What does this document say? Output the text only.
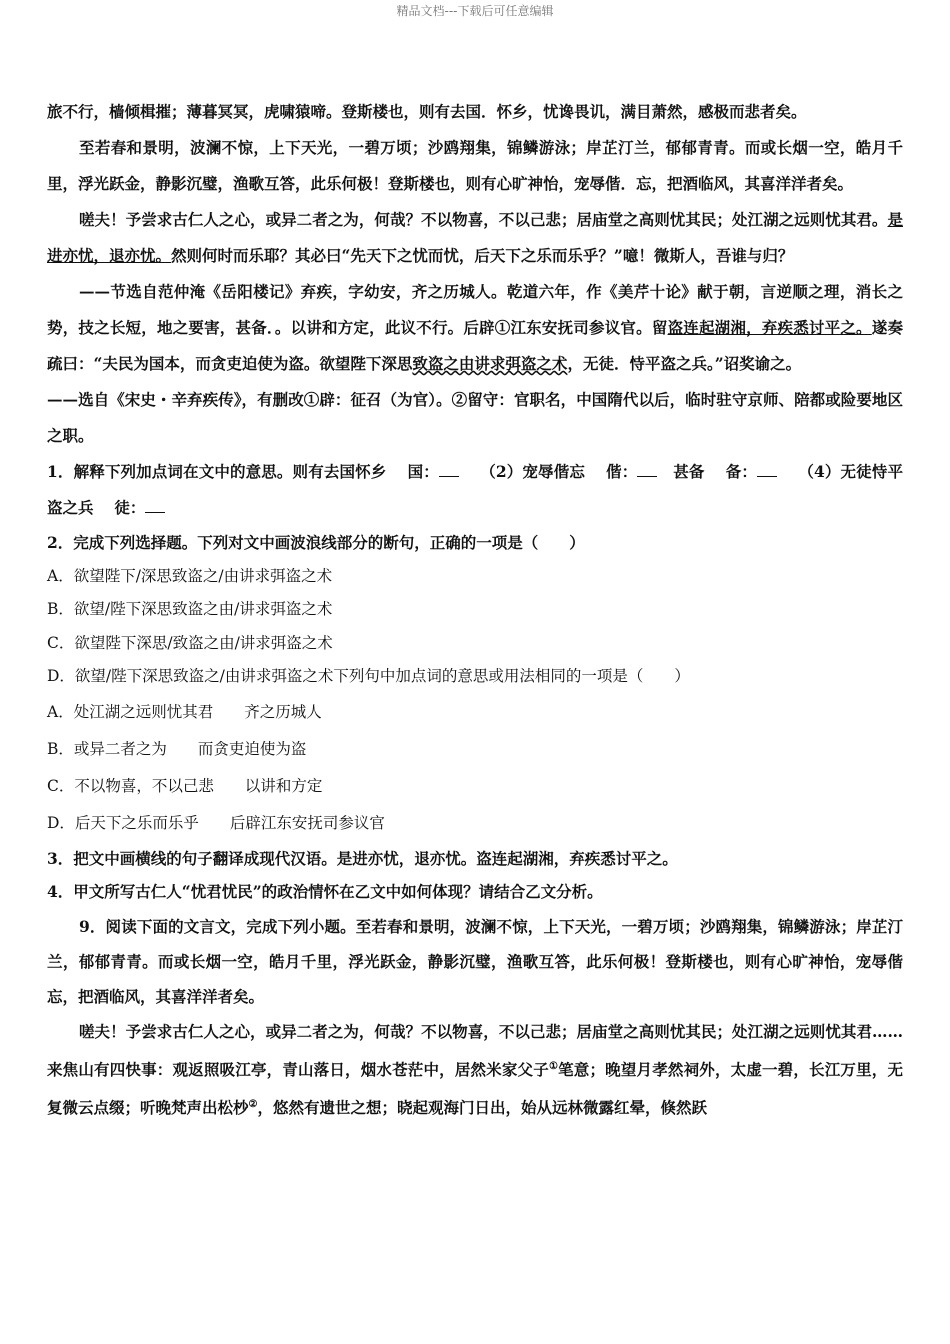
精品文档---下载后可任意编辑

旅不行，樯倾楫摧；薄暮冥冥，虎啸猿啼。登斯楼也，则有去国．怀乡，忧谗畏讥，满目萧然，感极而悲者矣。

至若春和景明，波澜不惊，上下天光，一碧万顷；沙鸥翔集，锦鳞游泳；岸芷汀兰，郁郁青青。而或长烟一空，皓月千里，浮光跃金，静影沉璧，渔歌互答，此乐何极！登斯楼也，则有心旷神怡，宠辱偕．忘，把酒临风，其喜洋洋者矣。

嗟夫！予尝求古仁人之心，或异二者之为，何哉？不以物喜，不以己悲；居庙堂之高则忧其民；处江湖之远则忧其君。是进亦忧，退亦忧。然则何时而乐耶？其必曰“先天下之忧而忧，后天下之乐而乐乎？”噫！微斯人，吾谁与归？

——节选自范仲淹《岳阳楼记》弃疾，字幼安，齐之历城人。乾道六年，作《美芹十论》献于朝，言逆顺之理，消长之势，技之长短，地之要害，甚备．。以讲和方定，此议不行。后辟①江东安抚司参议官。留盗连起湖湘，弃疾悉讨平之。遂奏疏曰：“夫民为国本，而贪吏迫使为盗。欲望陛下深思致盗之由讲求弭盗之术，无徒．恃平盗之兵。”诏奖谕之。

——选自《宋史・辛弃疾传》，有删改①辟：征召（为官）。②留守：官职名，中国隋代以后，临时驻守京师、陪都或险要地区之职。

1．解释下列加点词在文中的意思。则有去国怀乡　 国：　	（2）宠辱偕忘　 偕：　 甚备　 备：　	（4）无徒恃平盗之兵　 徒：

2．完成下列选择题。下列对文中画波浪线部分的断句，正确的一项是（　　）

A．欲望陛下/深思致盗之/由讲求弭盗之术

B．欲望/陛下深思致盗之由/讲求弭盗之术

C．欲望陛下深思/致盗之由/讲求弭盗之术

D．欲望/陛下深思致盗之/由讲求弭盗之术下列句中加点词的意思或用法相同的一项是（　　）

A．处江湖之远则忧其君　　齐之历城人

B．或异二者之为　　而贪吏迫使为盗

C．不以物喜，不以己悲　　以讲和方定

D．后天下之乐而乐乎　　后辟江东安抚司参议官

3．把文中画横线的句子翻译成现代汉语。是进亦忧，退亦忧。盗连起湖湘，弃疾悉讨平之。

4．甲文所写古仁人“忧君忧民”的政治情怀在乙文中如何体现？请结合乙文分析。

9．阅读下面的文言文，完成下列小题。至若春和景明，波澜不惊，上下天光，一碧万顷；沙鸥翔集，锦鳞游泳；岸芷汀兰，郁郁青青。而或长烟一空，皓月千里，浮光跃金，静影沉璧，渔歌互答，此乐何极！登斯楼也，则有心旷神怡，宠辱偕忘，把酒临风，其喜洋洋者矣。

嗟夫！予尝求古仁人之心，或异二者之为，何哉？不以物喜，不以己悲；居庙堂之高则忧其民；处江湖之远则忧其君……来焦山有四快事：观返照吸江亭，青山落日，烟水苍茫中，居然米家父子①笔意；晚望月孝然祠外，太虚一碧，长江万里，无复微云点缀；听晚梵声出松杪②，悠然有遗世之想；晓起观海门日出，始从远林微露红晕，倏然跃
